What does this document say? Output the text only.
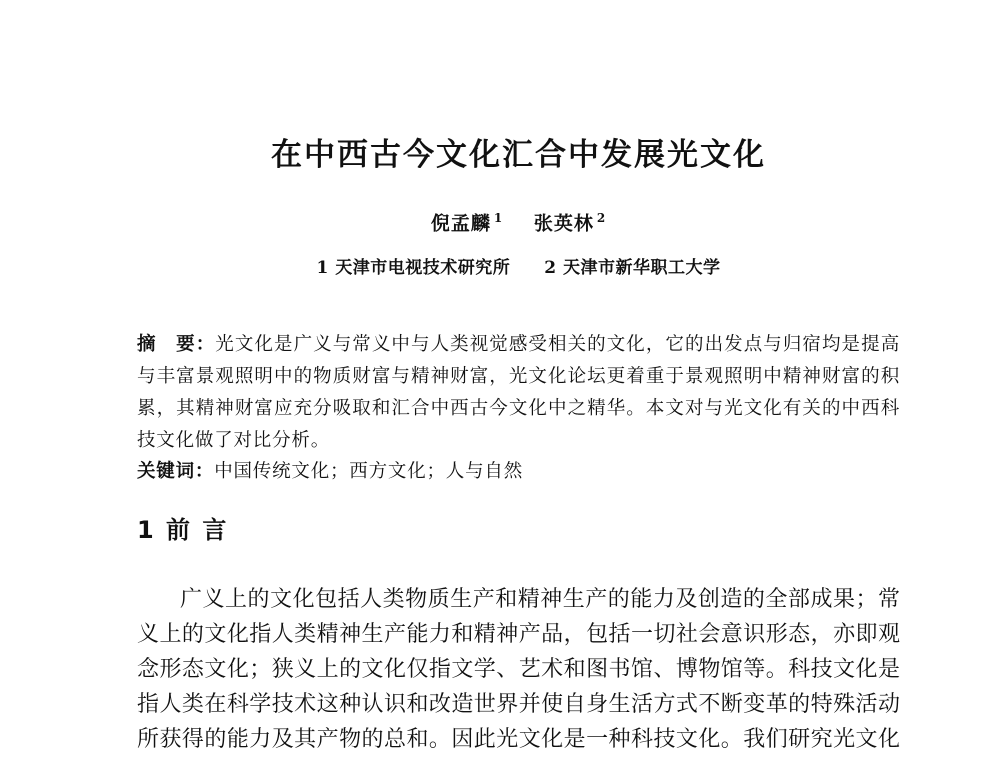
在中西古今文化汇合中发展光文化
倪孟麟 $^1$ 张英林 $^2$
1 天津市电视技术研究所 2 天津市新华职工大学
摘　要：光文化是广义与常义中与人类视觉感受相关的文化，它的出发点与归宿均是提高
与丰富景观照明中的物质财富与精神财富，光文化论坛更着重于景观照明中精神财富的积
累，其精神财富应充分吸取和汇合中西古今文化中之精华。本文对与光文化有关的中西科
技文化做了对比分析。
关键词：中国传统文化；西方文化；人与自然
1 前 言
广义上的文化包括人类物质生产和精神生产的能力及创造的全部成果；常
义上的文化指人类精神生产能力和精神产品，包括一切社会意识形态，亦即观
念形态文化；狭义上的文化仅指文学、艺术和图书馆、博物馆等。科技文化是
指人类在科学技术这种认识和改造世界并使自身生活方式不断变革的特殊活动
所获得的能力及其产物的总和。因此光文化是一种科技文化。我们研究光文化
